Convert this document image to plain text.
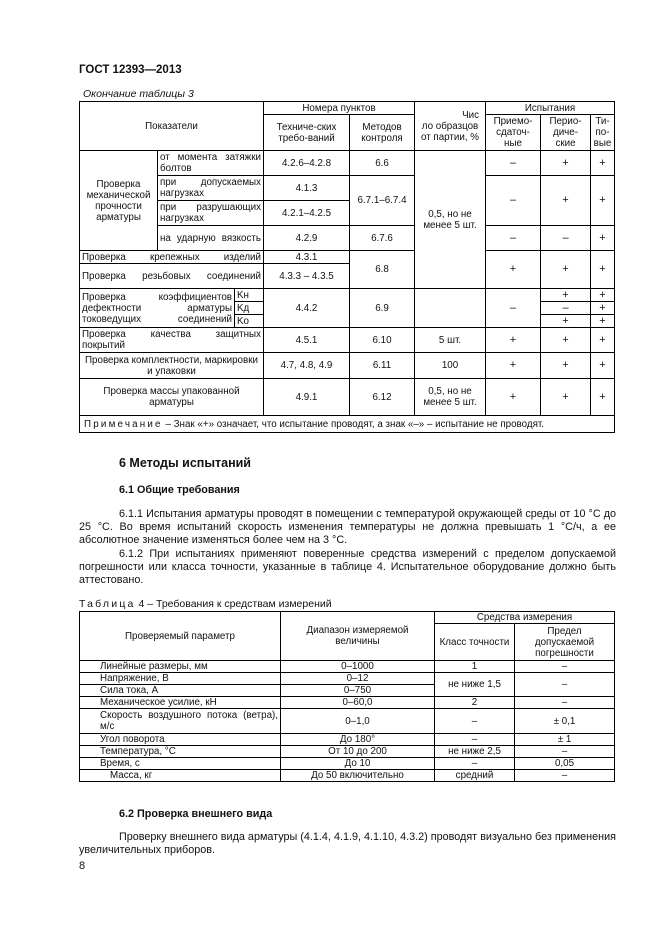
ГОСТ 12393—2013
Окончание таблицы 3
Показатели			Номера пунктов		Чис
ло образцов от партии, %	Испытания		
			Техниче-ских требо-ваний	Методов контроля		Приемо-сдаточ-ные	Перио-диче-ские	Ти-по-вые
Проверка механической прочности арматуры	от момента затяжки болтов		4.2.6–4.2.8	6.6	0,5, но не менее 5 шт.	–	+	+
	при допускаемых нагрузках		4.1.3	6.7.1–6.7.4		–	+	+
	при разрушающих нагрузках		4.2.1–4.2.5					
	на ударную вязкость		4.2.9	6.7.6		–	–	+
Проверка крепежных изделий			4.3.1	6.8		+	+	+
Проверка резьбовых соединений			4.3.3 – 4.3.5					
Проверка коэффициентов дефектности арматуры токоведущих соединений		Kн	4.4.2	6.9		–	+	+
		Kд					–	+
		Kо					+	+
Проверка качества защитных покрытий			4.5.1	6.10	5 шт.	+	+	+
Проверка комплектности, маркировки и упаковки			4.7, 4.8, 4.9	6.11	100	+	+	+
Проверка массы упакованной арматуры			4.9.1	6.12	0,5, но не менее 5 шт.	+	+	+
Примечание – Знак «+» означает, что испытание проводят, а знак «–» – испытание не проводят.								
6 Методы испытаний
6.1 Общие требования
6.1.1 Испытания арматуры проводят в помещении с температурой окружающей среды от 10 °С до 25 °С. Во время испытаний скорость изменения температуры не должна превышать 1 °С/ч, а ее абсолютное значение изменяться более чем на 3 °С.
6.1.2 При испытаниях применяют поверенные средства измерений с пределом допускаемой погрешности или класса точности, указанные в таблице 4. Испытательное оборудование должно быть аттестовано.
Таблица 4 – Требования к средствам измерений
Проверяемый параметр	Диапазон измеряемой величины	Средства измерения	
		Класс точности	Предел допускаемой погрешности
Линейные размеры, мм	0–1000	1	–
Напряжение, В	0–12	не ниже 1,5	–
Сила тока, А	0–750		
Механическое усилие, кН	0–60,0	2	–
Скорость воздушного потока (ветра), м/с	0–1,0	–	± 0,1
Угол поворота	До 180°	–	± 1
Температура, °С	От 10 до 200	не ниже 2,5	–
Время, с	До 10	–	0,05
Масса, кг	До 50 включительно	средний	–
6.2 Проверка внешнего вида
Проверку внешнего вида арматуры (4.1.4, 4.1.9, 4.1.10, 4.3.2) проводят визуально без применения увеличительных приборов.
8
